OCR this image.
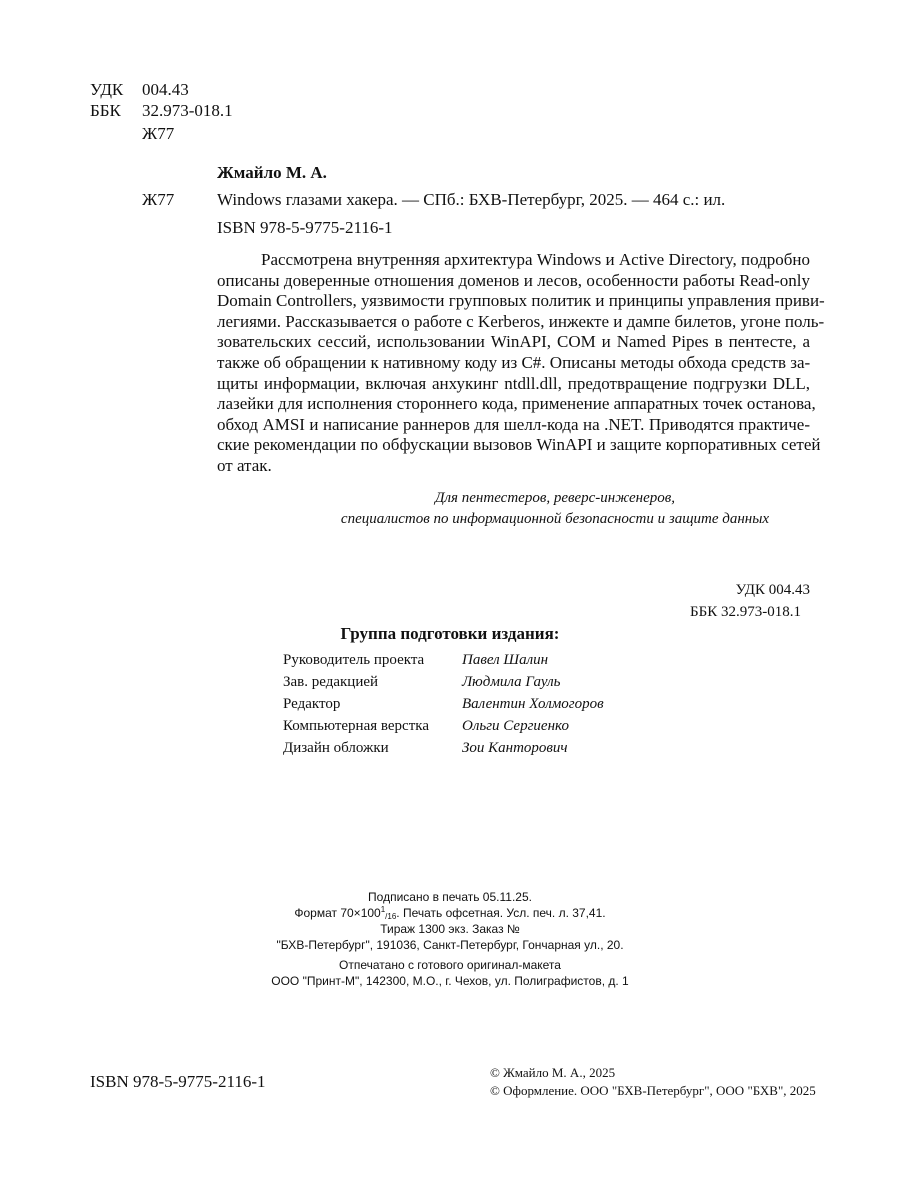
УДК 004.43
ББК 32.973-018.1
Ж77
Жмайло М. А.
Ж77	Windows глазами хакера. — СПб.: БХВ-Петербург, 2025. — 464 с.: ил.
ISBN 978-5-9775-2116-1
Рассмотрена внутренняя архитектура Windows и Active Directory, подробно
описаны доверенные отношения доменов и лесов, особенности работы Read-only
Domain Controllers, уязвимости групповых политик и принципы управления приви-
легиями. Рассказывается о работе с Kerberos, инжекте и дампе билетов, угоне поль-
зовательских сессий, использовании WinAPI, COM и Named Pipes в пентесте, а
также об обращении к нативному коду из C#. Описаны методы обхода средств за-
щиты информации, включая анхукинг ntdll.dll, предотвращение подгрузки DLL,
лазейки для исполнения стороннего кода, применение аппаратных точек останова,
обход AMSI и написание раннеров для шелл-кода на .NET. Приводятся практиче-
ские рекомендации по обфускации вызовов WinAPI и защите корпоративных сетей
от атак.
Для пентестеров, реверс-инженеров,
специалистов по информационной безопасности и защите данных
УДК 004.43
ББК 32.973-018.1
Группа подготовки издания:
Руководитель проекта	Павел Шалин
Зав. редакцией	Людмила Гауль
Редактор	Валентин Холмогоров
Компьютерная верстка	Ольги Сергиенко
Дизайн обложки	Зои Канторович
Подписано в печать 05.11.25.
Формат $70\times 100^1_{/16}$. Печать офсетная. Усл. печ. л. 37,41.
Тираж 1300 экз. Заказ №
"БХВ-Петербург", 191036, Санкт-Петербург, Гончарная ул., 20.
Отпечатано с готового оригинал-макета
ООО "Принт-М", 142300, М.О., г. Чехов, ул. Полиграфистов, д. 1
ISBN 978-5-9775-2116-1	© Жмайло М. А., 2025
© Оформление. ООО "БХВ-Петербург", ООО "БХВ", 2025
